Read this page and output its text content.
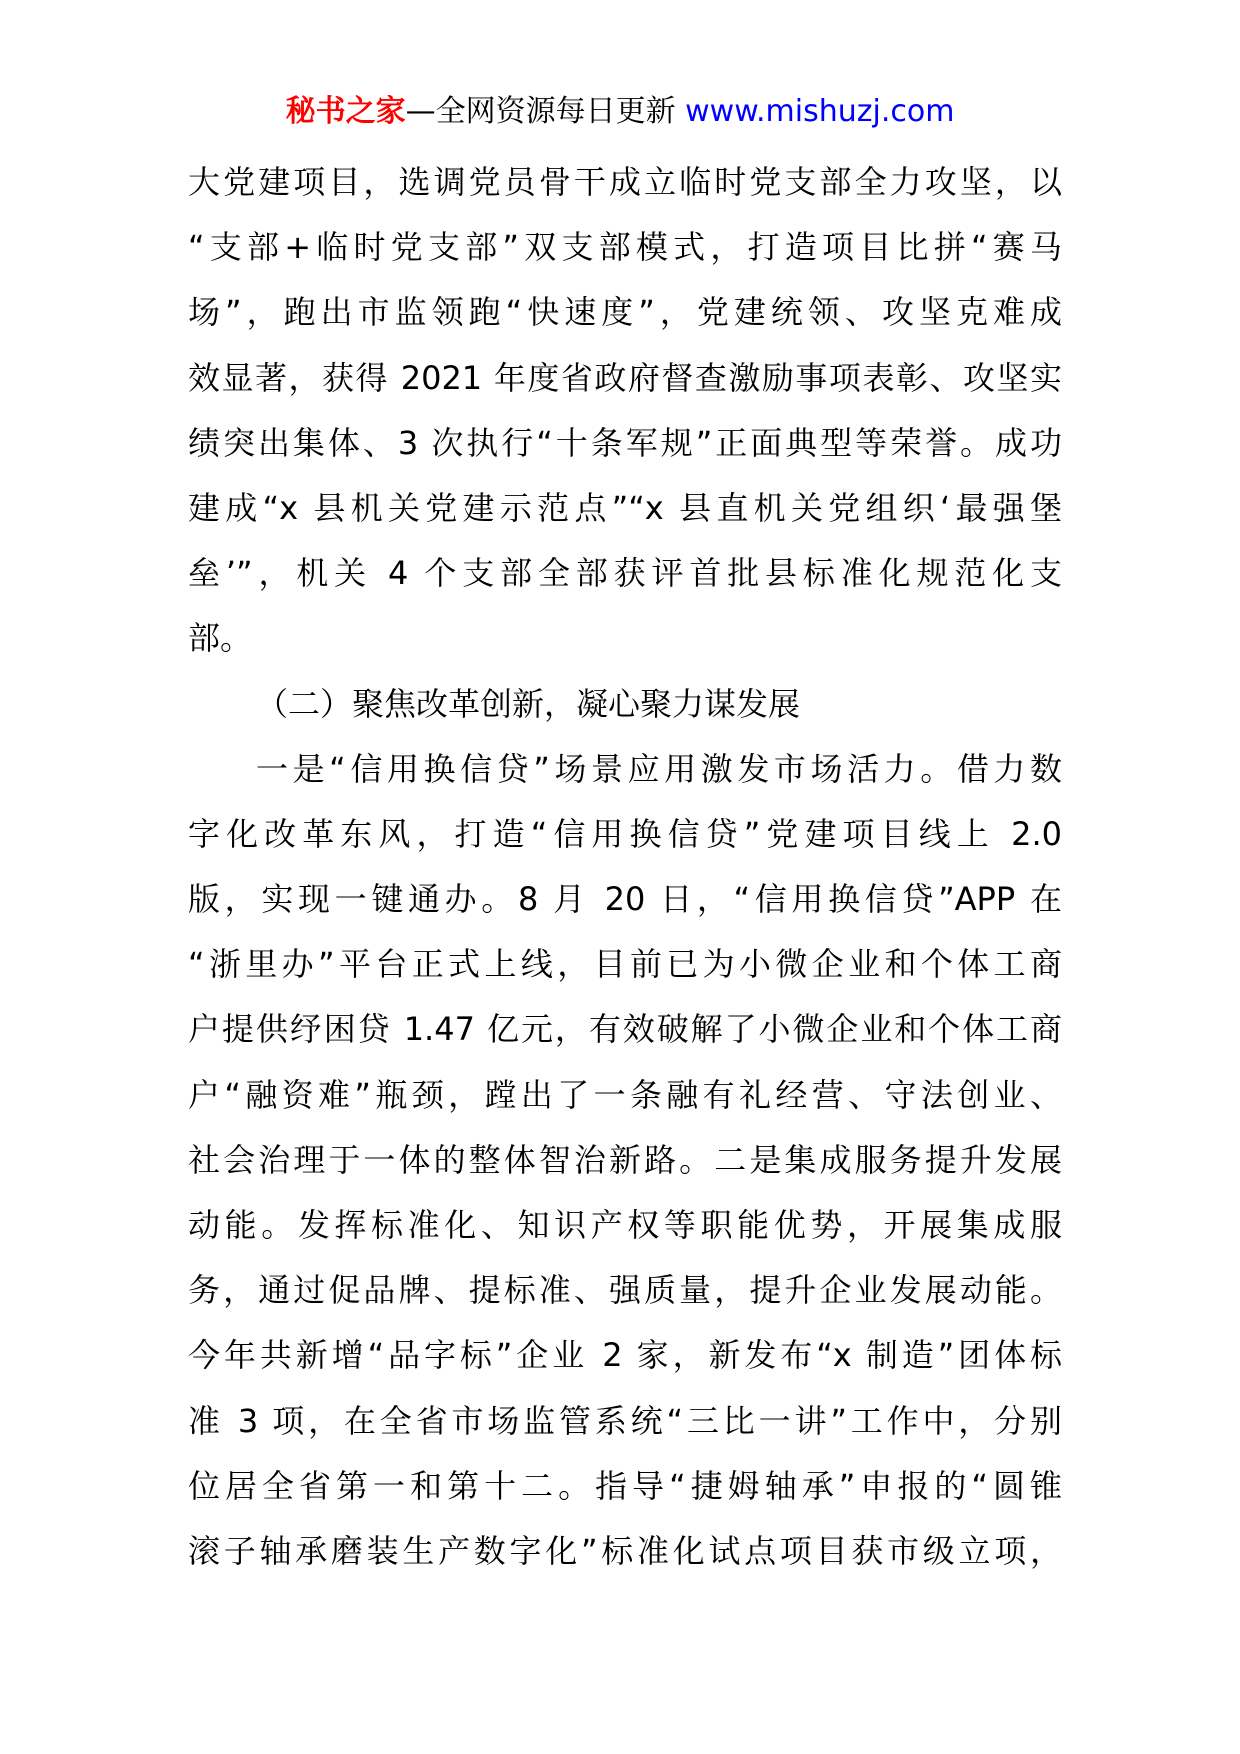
秘书之家—全网资源每日更新 www.mishuzj.com
大党建项目，选调党员骨干成立临时党支部全力攻坚，以
“支部+临时党支部”双支部模式，打造项目比拼“赛马
场”，跑出市监领跑“快速度”，党建统领、攻坚克难成
效显著，获得 2021 年度省政府督查激励事项表彰、攻坚实
绩突出集体、3 次执行“十条军规”正面典型等荣誉。成功
建成“x 县机关党建示范点”“x 县直机关党组织‘最强堡
垒’”，机关 4 个支部全部获评首批县标准化规范化支
部。
（二）聚焦改革创新，凝心聚力谋发展
一是“信用换信贷”场景应用激发市场活力。借力数
字化改革东风，打造“信用换信贷”党建项目线上 2.0
版，实现一键通办。8 月 20 日，“信用换信贷”APP 在
“浙里办”平台正式上线，目前已为小微企业和个体工商
户提供纾困贷 1.47 亿元，有效破解了小微企业和个体工商
户“融资难”瓶颈，蹚出了一条融有礼经营、守法创业、
社会治理于一体的整体智治新路。二是集成服务提升发展
动能。发挥标准化、知识产权等职能优势，开展集成服
务，通过促品牌、提标准、强质量，提升企业发展动能。
今年共新增“品字标”企业 2 家，新发布“x 制造”团体标
准 3 项，在全省市场监管系统“三比一讲”工作中，分别
位居全省第一和第十二。指导“捷姆轴承”申报的“圆锥
滚子轴承磨装生产数字化”标准化试点项目获市级立项，
